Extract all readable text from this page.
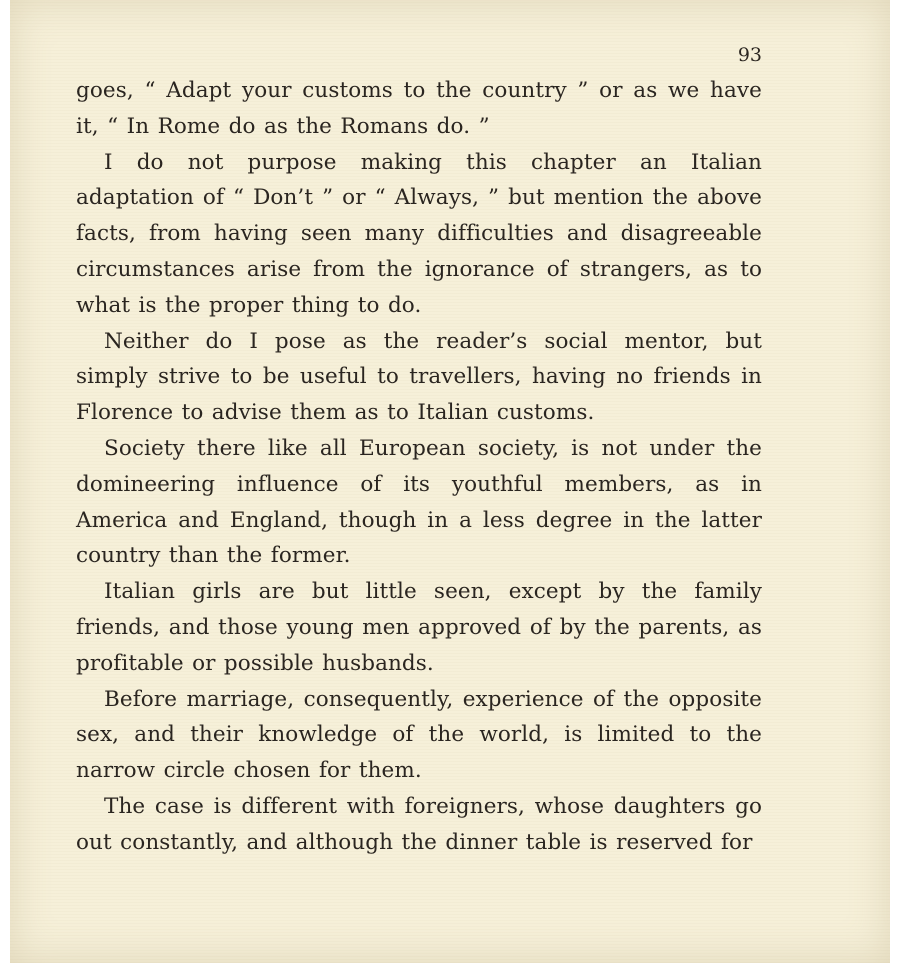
93

goes, “ Adapt your customs to the country ” or as we have it, “ In Rome do as the Romans do. ”

I do not purpose making this chapter an Italian adaptation of “ Don’t ” or “ Always, ” but mention the above facts, from having seen many difficulties and disagreeable circumstances arise from the ignorance of strangers, as to what is the proper thing to do.

Neither do I pose as the reader’s social mentor, but simply strive to be useful to travellers, having no friends in Florence to advise them as to Italian customs.

Society there like all European society, is not under the domineering influence of its youthful members, as in America and England, though in a less degree in the latter country than the former.

Italian girls are but little seen, except by the family friends, and those young men approved of by the parents, as profitable or possible husbands.

Before marriage, consequently, experience of the opposite sex, and their knowledge of the world, is limited to the narrow circle chosen for them.

The case is different with foreigners, whose daughters go out constantly, and although the dinner table is reserved for
